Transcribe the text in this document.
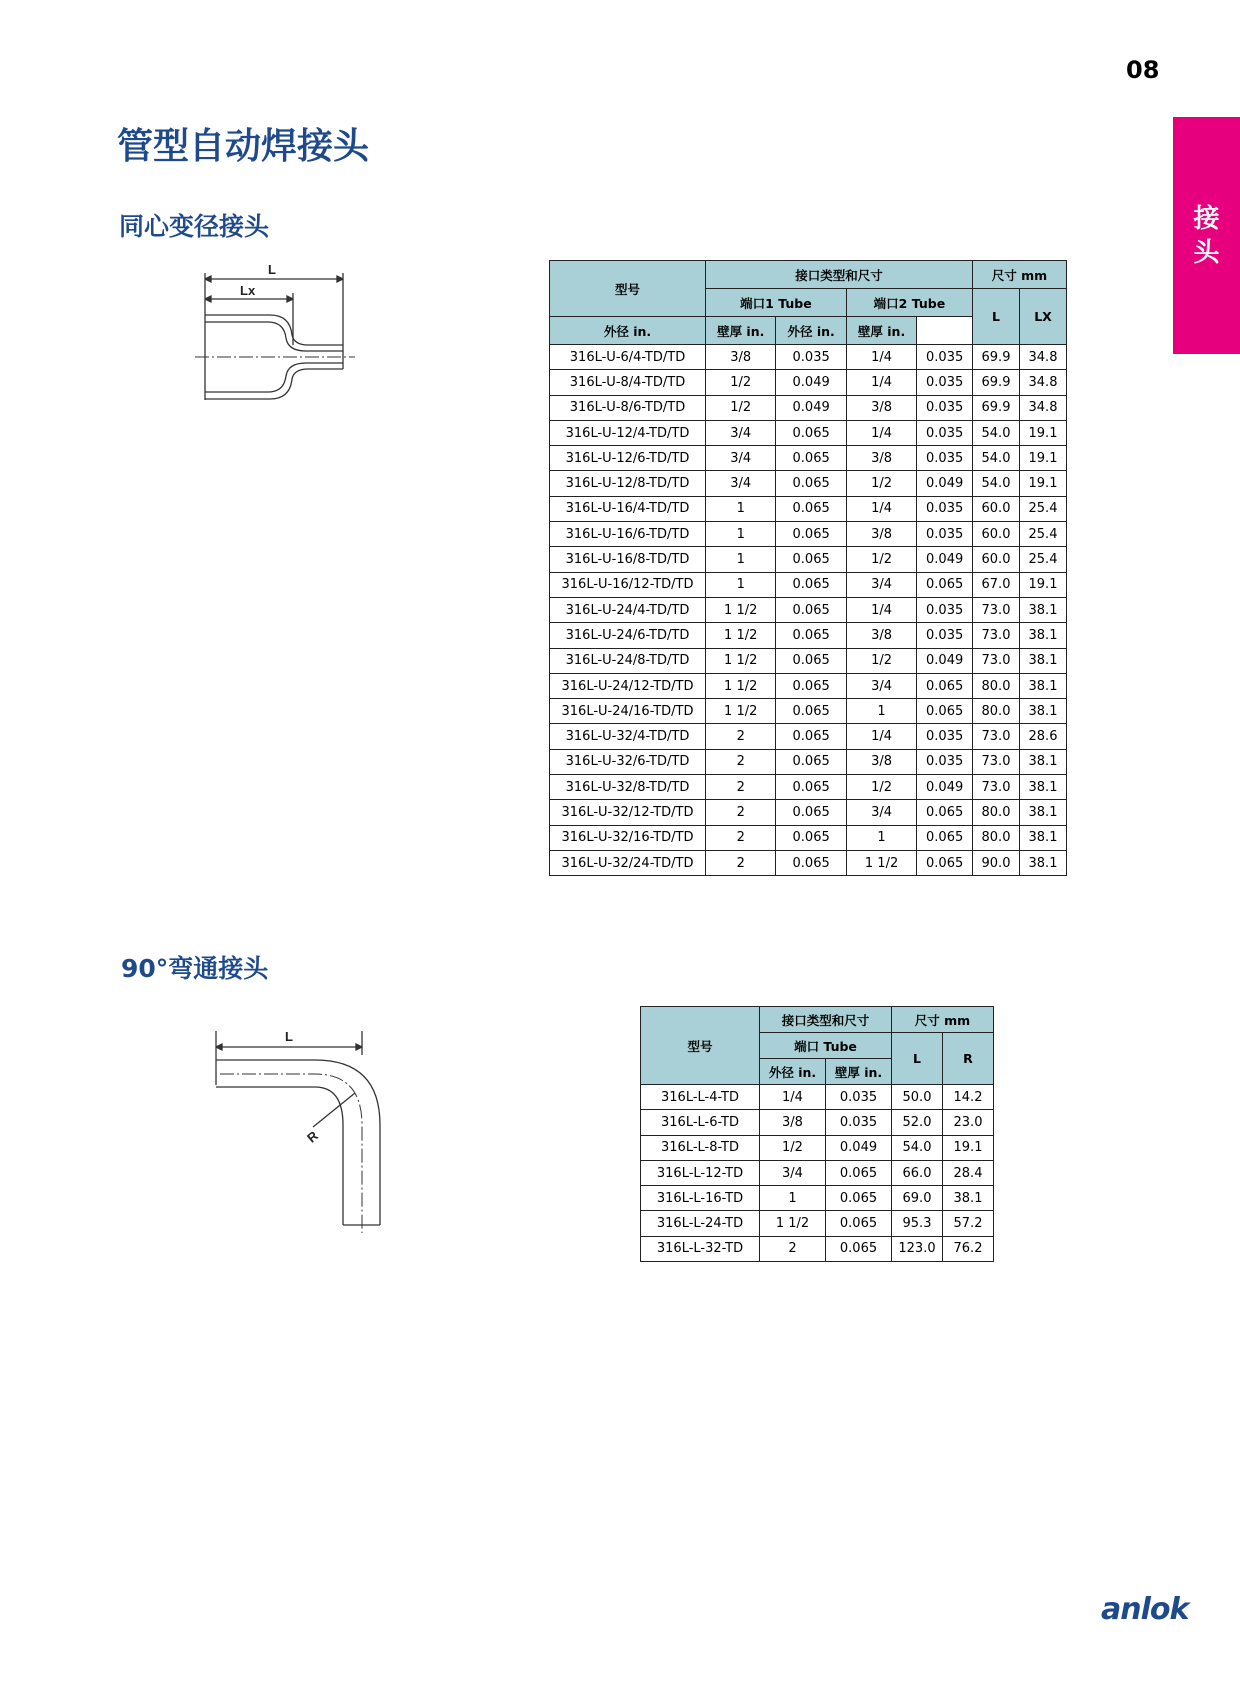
08
接
头
管型自动焊接头
同心变径接头
L
Lx	型号	接口类型和尺寸				尺寸 mm	
	端口1 Tube		端口2 Tube		L	LX
外径 in.	壁厚 in.	外径 in.	壁厚 in.			
316L-U-6/4-TD/TD	3/8	0.035	1/4	0.035	69.9	34.8
316L-U-8/4-TD/TD	1/2	0.049	1/4	0.035	69.9	34.8
316L-U-8/6-TD/TD	1/2	0.049	3/8	0.035	69.9	34.8
316L-U-12/4-TD/TD	3/4	0.065	1/4	0.035	54.0	19.1
316L-U-12/6-TD/TD	3/4	0.065	3/8	0.035	54.0	19.1
316L-U-12/8-TD/TD	3/4	0.065	1/2	0.049	54.0	19.1
316L-U-16/4-TD/TD	1	0.065	1/4	0.035	60.0	25.4
316L-U-16/6-TD/TD	1	0.065	3/8	0.035	60.0	25.4
316L-U-16/8-TD/TD	1	0.065	1/2	0.049	60.0	25.4
316L-U-16/12-TD/TD	1	0.065	3/4	0.065	67.0	19.1
316L-U-24/4-TD/TD	1 1/2	0.065	1/4	0.035	73.0	38.1
316L-U-24/6-TD/TD	1 1/2	0.065	3/8	0.035	73.0	38.1
316L-U-24/8-TD/TD	1 1/2	0.065	1/2	0.049	73.0	38.1
316L-U-24/12-TD/TD	1 1/2	0.065	3/4	0.065	80.0	38.1
316L-U-24/16-TD/TD	1 1/2	0.065	1	0.065	80.0	38.1
316L-U-32/4-TD/TD	2	0.065	1/4	0.035	73.0	28.6
316L-U-32/6-TD/TD	2	0.065	3/8	0.035	73.0	38.1
316L-U-32/8-TD/TD	2	0.065	1/2	0.049	73.0	38.1
316L-U-32/12-TD/TD	2	0.065	3/4	0.065	80.0	38.1
316L-U-32/16-TD/TD	2	0.065	1	0.065	80.0	38.1
316L-U-32/24-TD/TD	2	0.065	1 1/2	0.065	90.0	38.1
90°弯通接头
L
R
型号	接口类型和尺寸		尺寸 mm	
	端口 Tube		L	R
	外径 in.	壁厚 in.		
316L-L-4-TD	1/4	0.035	50.0	14.2
316L-L-6-TD	3/8	0.035	52.0	23.0
316L-L-8-TD	1/2	0.049	54.0	19.1
316L-L-12-TD	3/4	0.065	66.0	28.4
316L-L-16-TD	1	0.065	69.0	38.1
316L-L-24-TD	1 1/2	0.065	95.3	57.2
316L-L-32-TD	2	0.065	123.0	76.2
anlok
